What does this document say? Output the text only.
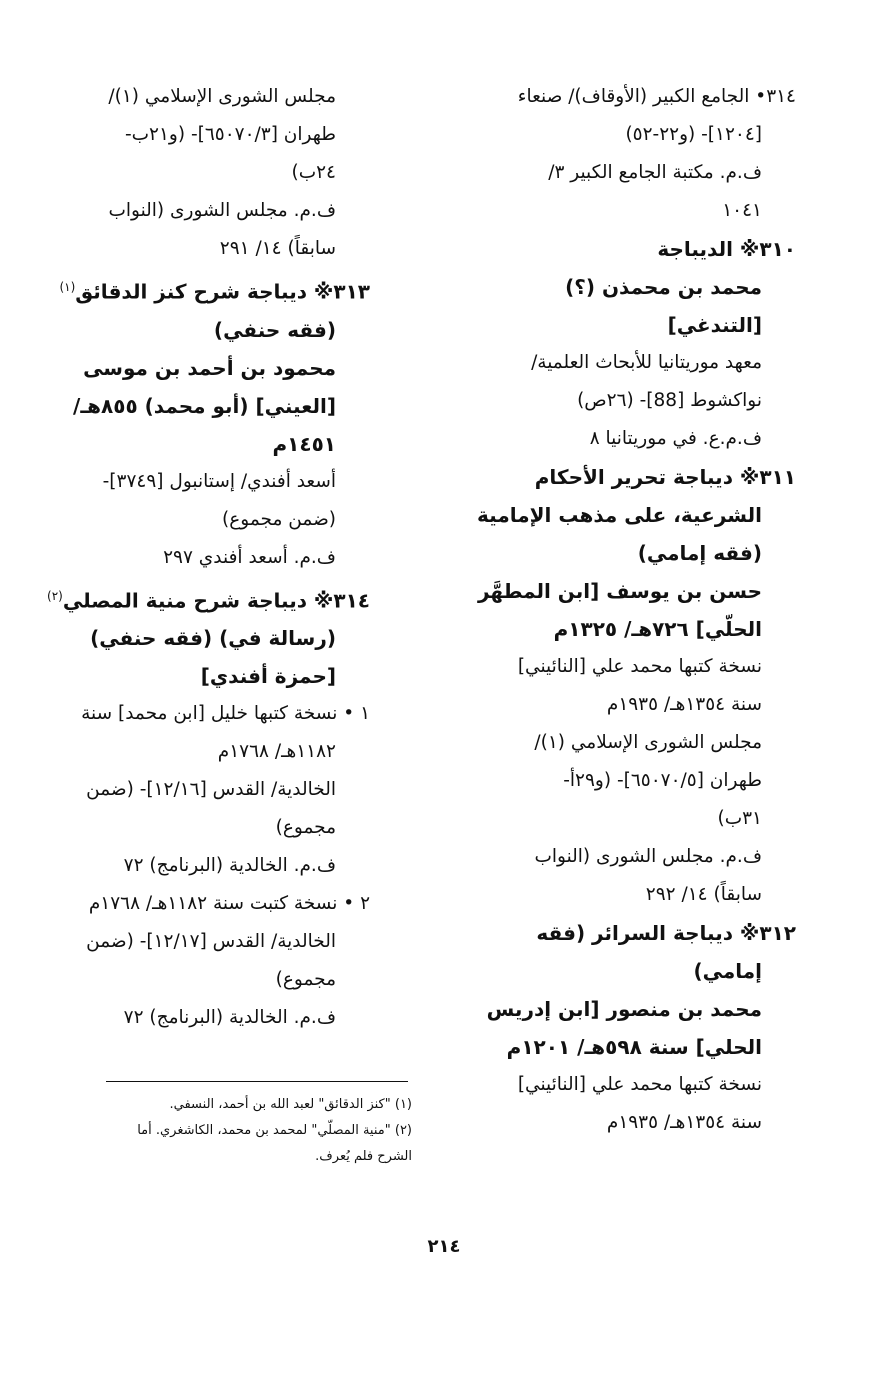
٣١٤• الجامع الكبير (الأوقاف)/ صنعاء
[١٢٠٤]- (و٢٢-٥٢)
ف.م. مكتبة الجامع الكبير ٣/
١٠٤١
٣١٠※ الديباجة
محمد بن محمذن (؟)
[التندغي]
معهد موريتانيا للأبحاث العلمية/
نواكشوط [88]- (٢٦ص)
ف.م.ع. في موريتانيا ٨
٣١١※ ديباجة تحرير الأحكام
الشرعية، على مذهب الإمامية
(فقه إمامي)
حسن بن يوسف [ابن المطهَّر
الحلّي] ٧٢٦هـ/ ١٣٢٥م
نسخة كتبها محمد علي [النائيني]
سنة ١٣٥٤هـ/ ١٩٣٥م
مجلس الشورى الإسلامي (١)/
طهران [٦٥٠٧٠/٥]- (و٢٩أ-
٣١ب)
ف.م. مجلس الشورى (النواب
سابقاً) ١٤/ ٢٩٢
٣١٢※ ديباجة السرائر (فقه
إمامي)
محمد بن منصور [ابن إدريس
الحلي] سنة ٥٩٨هـ/ ١٢٠١م
نسخة كتبها محمد علي [النائيني]
سنة ١٣٥٤هـ/ ١٩٣٥م
مجلس الشورى الإسلامي (١)/
طهران [٦٥٠٧٠/٣]- (و٢١ب-
٢٤ب)
ف.م. مجلس الشورى (النواب
سابقاً) ١٤/ ٢٩١
٣١٣※ ديباجة شرح كنز الدقائق$^{(١)}$
(فقه حنفي)
محمود بن أحمد بن موسى
[العيني] (أبو محمد) ٨٥٥هـ/
١٤٥١م
أسعد أفندي/ إستانبول [٣٧٤٩]-
(ضمن مجموع)
ف.م. أسعد أفندي ٢٩٧
٣١٤※ ديباجة شرح منية المصلي$^{(٢)}$
(رسالة في) (فقه حنفي)
[حمزة أفندي]
١ • نسخة كتبها خليل [ابن محمد] سنة
١١٨٢هـ/ ١٧٦٨م
الخالدية/ القدس [١٢/١٦]- (ضمن
مجموع)
ف.م. الخالدية (البرنامج) ٧٢
٢ • نسخة كتبت سنة ١١٨٢هـ/ ١٧٦٨م
الخالدية/ القدس [١٢/١٧]- (ضمن
مجموع)
ف.م. الخالدية (البرنامج) ٧٢
(١) "كنز الدقائق" لعبد الله بن أحمد، النسفي.
(٢) "منية المصلّي" لمحمد بن محمد، الكاشغري. أما
الشرح فلم يُعرف.
٢١٤
